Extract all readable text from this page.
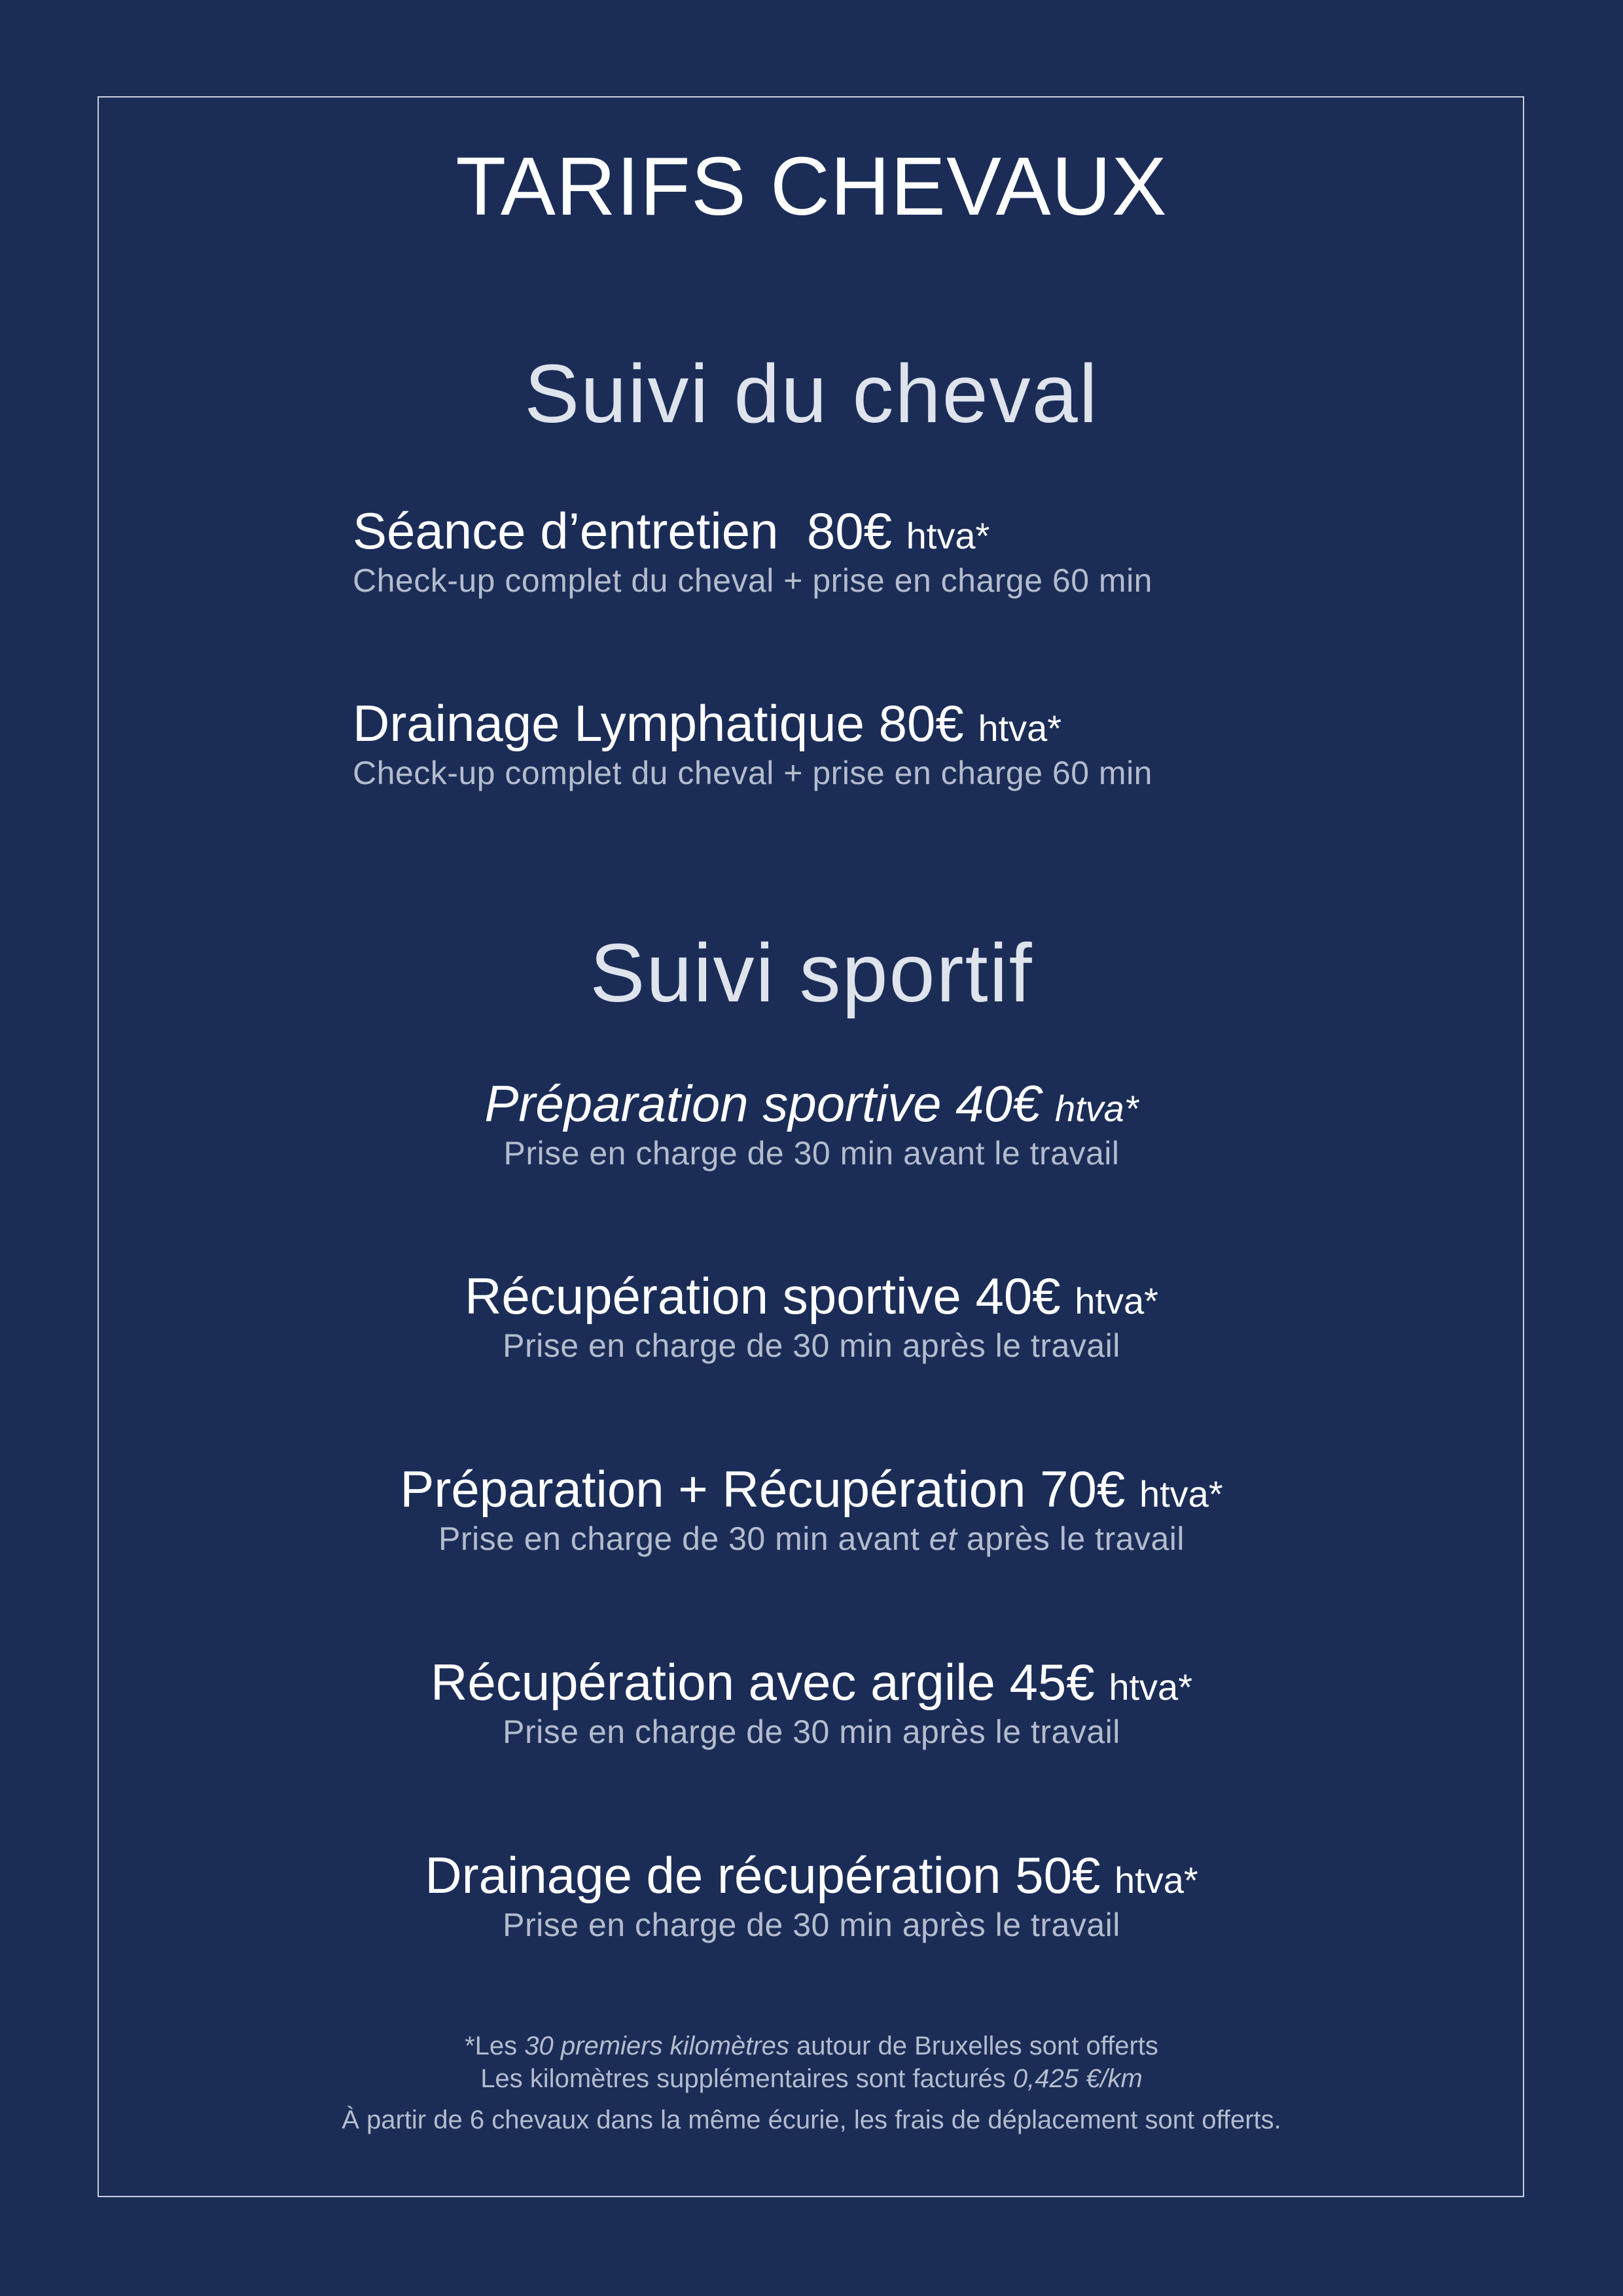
TARIFS CHEVAUX
Suivi du cheval
Séance d’entretien 80€ htva*
Check-up complet du cheval + prise en charge 60 min
Drainage Lymphatique 80€ htva*
Check-up complet du cheval + prise en charge 60 min
Suivi sportif
Préparation sportive 40€ htva*
Prise en charge de 30 min avant le travail
Récupération sportive 40€ htva*
Prise en charge de 30 min après le travail
Préparation + Récupération 70€ htva*
Prise en charge de 30 min avant et après le travail
Récupération avec argile 45€ htva*
Prise en charge de 30 min après le travail
Drainage de récupération 50€ htva*
Prise en charge de 30 min après le travail
*Les 30 premiers kilomètres autour de Bruxelles sont offerts
Les kilomètres supplémentaires sont facturés 0,425 €/km
À partir de 6 chevaux dans la même écurie, les frais de déplacement sont offerts.
